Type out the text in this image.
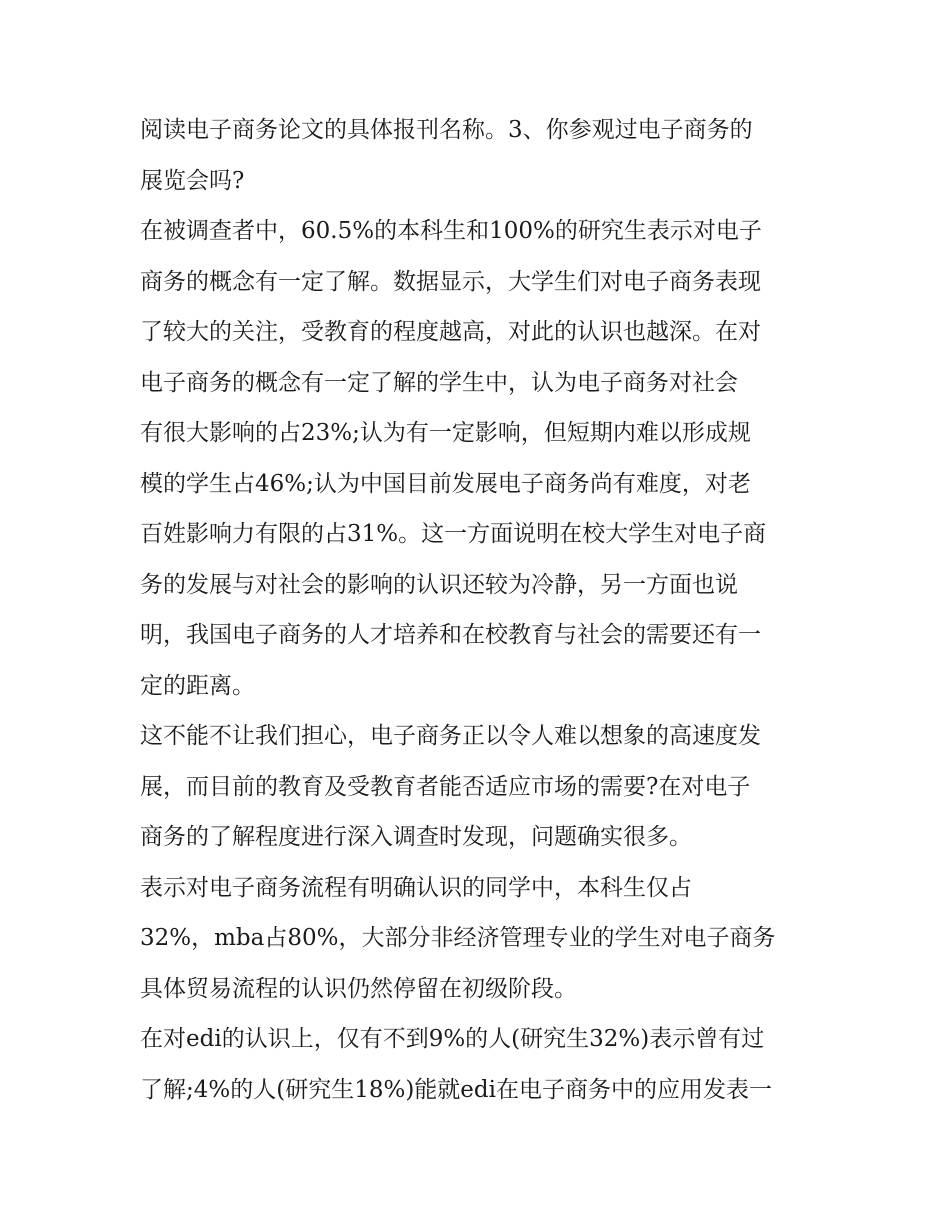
阅读电子商务论文的具体报刊名称。3、你参观过电子商务的
展览会吗?
在被调查者中，60.5%的本科生和100%的研究生表示对电子
商务的概念有一定了解。数据显示，大学生们对电子商务表现
了较大的关注，受教育的程度越高，对此的认识也越深。在对
电子商务的概念有一定了解的学生中，认为电子商务对社会
有很大影响的占23%;认为有一定影响，但短期内难以形成规
模的学生占46%;认为中国目前发展电子商务尚有难度，对老
百姓影响力有限的占31%。这一方面说明在校大学生对电子商
务的发展与对社会的影响的认识还较为冷静，另一方面也说
明，我国电子商务的人才培养和在校教育与社会的需要还有一
定的距离。
这不能不让我们担心，电子商务正以令人难以想象的高速度发
展，而目前的教育及受教育者能否适应市场的需要?在对电子
商务的了解程度进行深入调查时发现，问题确实很多。
表示对电子商务流程有明确认识的同学中，本科生仅占
32%，mba占80%，大部分非经济管理专业的学生对电子商务
具体贸易流程的认识仍然停留在初级阶段。
在对edi的认识上，仅有不到9%的人(研究生32%)表示曾有过
了解;4%的人(研究生18%)能就edi在电子商务中的应用发表一
